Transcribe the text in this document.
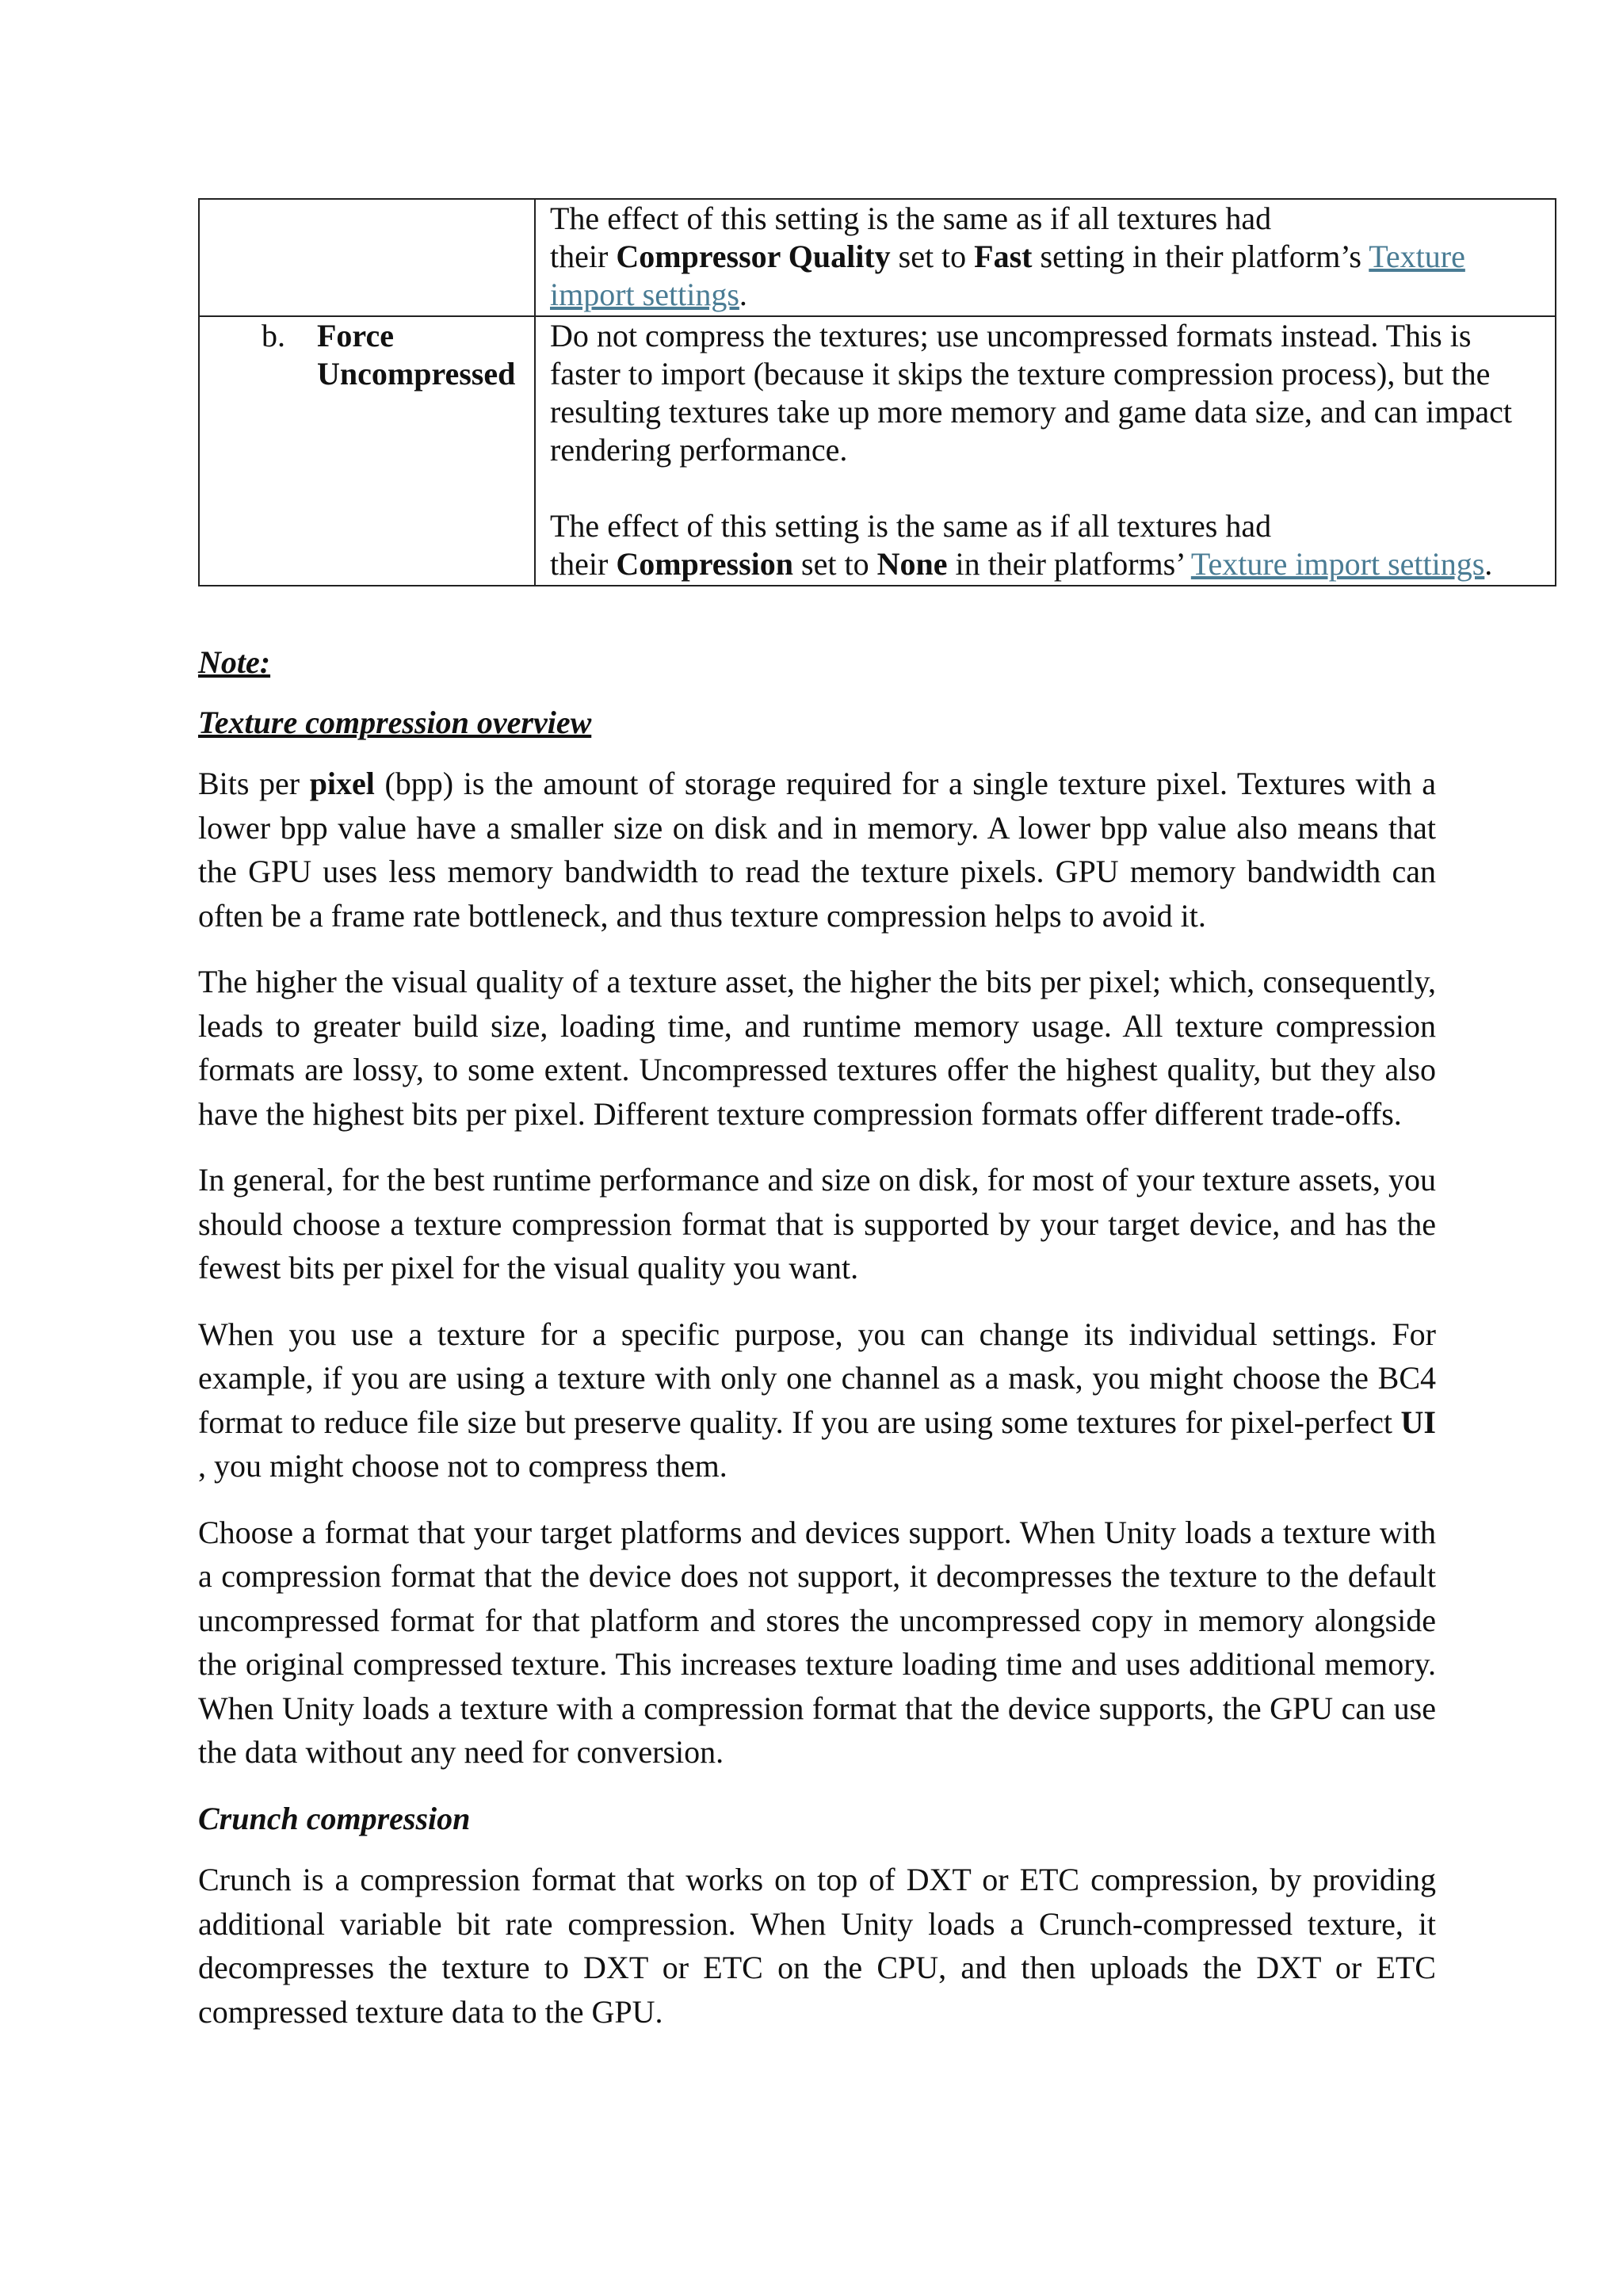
	The effect of this setting is the same as if all textures had
their Compressor Quality set to Fast setting in their platform’s Texture import settings.
b. Force Uncompressed	Do not compress the textures; use uncompressed formats instead. This is faster to import (because it skips the texture compression process), but the resulting textures take up more memory and game data size, and can impact rendering performance.
The effect of this setting is the same as if all textures had
their Compression set to None in their platforms’ Texture import settings.

Note:

Texture compression overview

Bits per pixel (bpp) is the amount of storage required for a single texture pixel. Textures with a lower bpp value have a smaller size on disk and in memory. A lower bpp value also means that the GPU uses less memory bandwidth to read the texture pixels. GPU memory bandwidth can often be a frame rate bottleneck, and thus texture compression helps to avoid it.

The higher the visual quality of a texture asset, the higher the bits per pixel; which, consequently, leads to greater build size, loading time, and runtime memory usage. All texture compression formats are lossy, to some extent. Uncompressed textures offer the highest quality, but they also have the highest bits per pixel. Different texture compression formats offer different trade-offs.

In general, for the best runtime performance and size on disk, for most of your texture assets, you should choose a texture compression format that is supported by your target device, and has the fewest bits per pixel for the visual quality you want.

When you use a texture for a specific purpose, you can change its individual settings. For example, if you are using a texture with only one channel as a mask, you might choose the BC4 format to reduce file size but preserve quality. If you are using some textures for pixel-perfect UI , you might choose not to compress them.

Choose a format that your target platforms and devices support. When Unity loads a texture with a compression format that the device does not support, it decompresses the texture to the default uncompressed format for that platform and stores the uncompressed copy in memory alongside the original compressed texture. This increases texture loading time and uses additional memory. When Unity loads a texture with a compression format that the device supports, the GPU can use the data without any need for conversion.

Crunch compression

Crunch is a compression format that works on top of DXT or ETC compression, by providing additional variable bit rate compression. When Unity loads a Crunch-compressed texture, it decompresses the texture to DXT or ETC on the CPU, and then uploads the DXT or ETC compressed texture data to the GPU.
